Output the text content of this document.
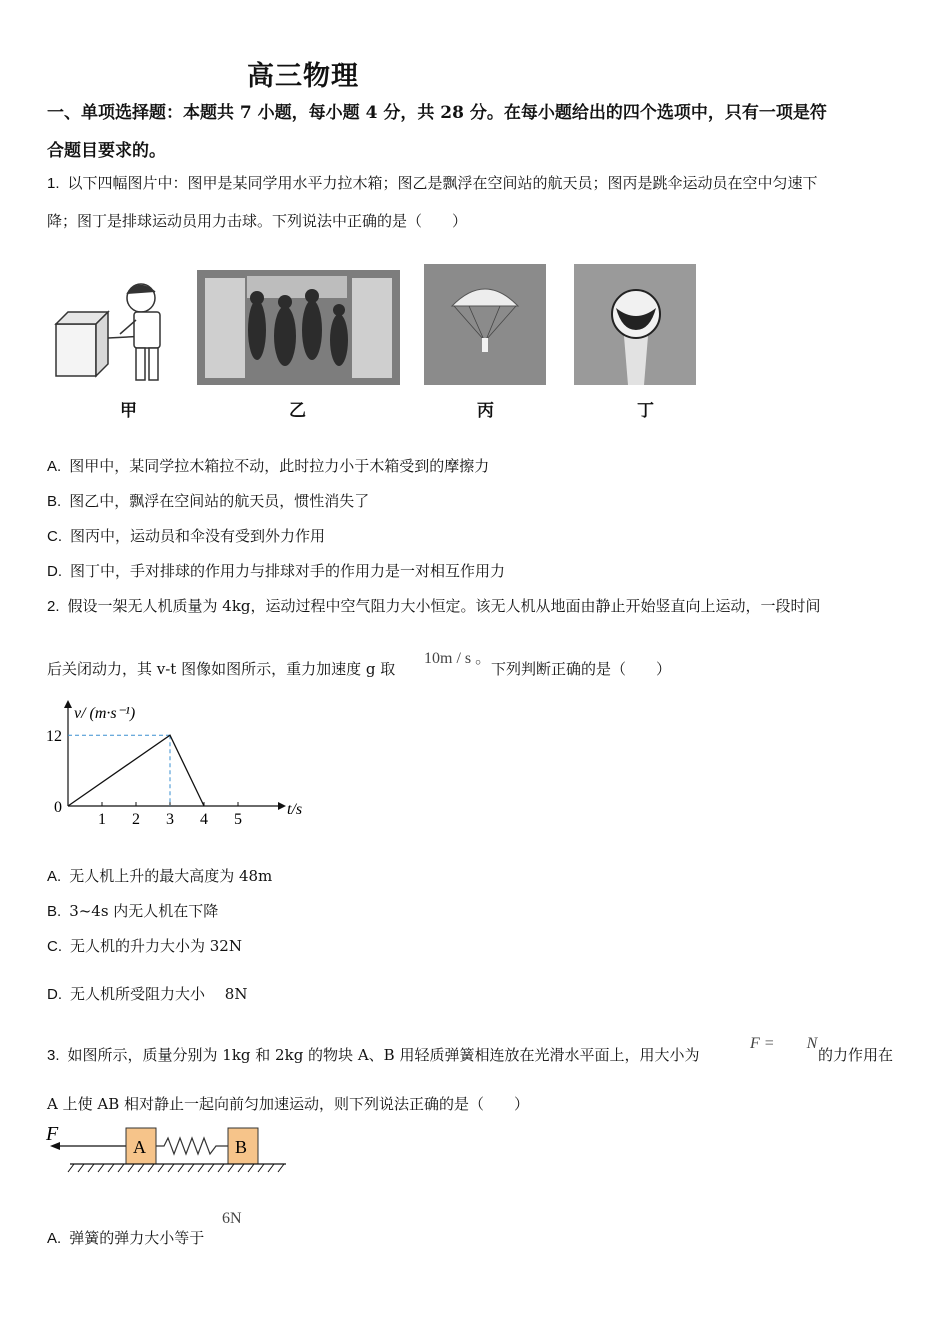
高三物理
一、单项选择题：本题共 7 小题，每小题 4 分，共 28 分。在每小题给出的四个选项中，只有一项是符
合题目要求的。
1. 以下四幅图片中：图甲是某同学用水平力拉木箱；图乙是飘浮在空间站的航天员；图丙是跳伞运动员在空中匀速下
降；图丁是排球运动员用力击球。下列说法中正确的是（　　）
甲	乙	丙	丁
A. 图甲中，某同学拉木箱拉不动，此时拉力小于木箱受到的摩擦力
B. 图乙中，飘浮在空间站的航天员，惯性消失了
C. 图丙中，运动员和伞没有受到外力作用
D. 图丁中，手对排球的作用力与排球对手的作用力是一对相互作用力
2. 假设一架无人机质量为 4kg，运动过程中空气阻力大小恒定。该无人机从地面由静止开始竖直向上运动，一段时间
后关闭动力，其 v-t 图像如图所示，重力加速度 g 取
10m / s 。
下列判断正确的是（　　）
v/ (m·s⁻¹)
t/s
1 2 3 4 5
0
12
A. 无人机上升的最大高度为 48m
B. 3~4s 内无人机在下降
C. 无人机的升力大小为 32N
D. 无人机所受阻力大小　 8N
3. 如图所示，质量分别为 1kg 和 2kg 的物块 A、B 用轻质弹簧相连放在光滑水平面上，用大小为
F =　　N
的力作用在
A 上使 AB 相对静止一起向前匀加速运动，则下列说法正确的是（　　）
F
A	B
A. 弹簧的弹力大小等于
6N
